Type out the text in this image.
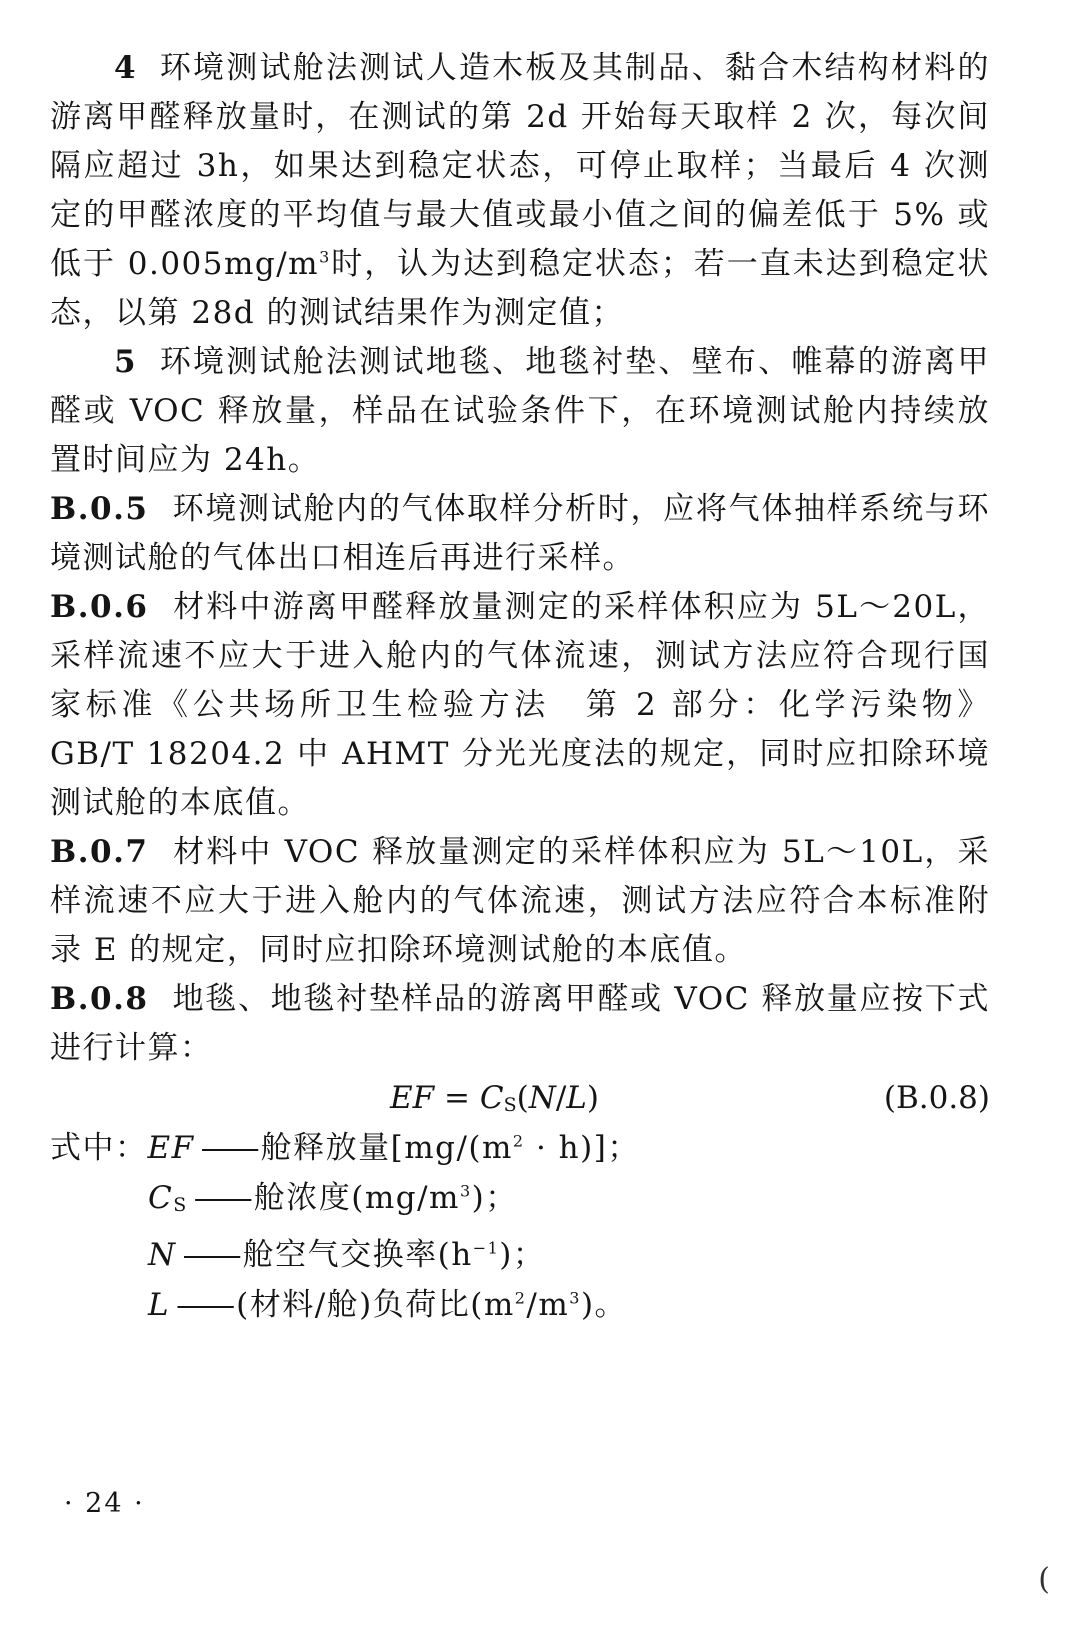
4 环境测试舱法测试人造木板及其制品、黏合木结构材料的游离甲醛释放量时，在测试的第 2d 开始每天取样 2 次，每次间隔应超过 3h，如果达到稳定状态，可停止取样；当最后 4 次测定的甲醛浓度的平均值与最大值或最小值之间的偏差低于 5% 或低于 $0.005mg/m^3$时，认为达到稳定状态；若一直未达到稳定状态，以第 28d 的测试结果作为测定值；

5 环境测试舱法测试地毯、地毯衬垫、壁布、帷幕的游离甲醛或 VOC 释放量，样品在试验条件下，在环境测试舱内持续放置时间应为 24h。

B.0.5 环境测试舱内的气体取样分析时，应将气体抽样系统与环境测试舱的气体出口相连后再进行采样。

B.0.6 材料中游离甲醛释放量测定的采样体积应为 5L～20L，采样流速不应大于进入舱内的气体流速，测试方法应符合现行国家标准《公共场所卫生检验方法　第 2 部分：化学污染物》GB/T 18204.2 中 AHMT 分光光度法的规定，同时应扣除环境测试舱的本底值。

B.0.7 材料中 VOC 释放量测定的采样体积应为 5L～10L，采样流速不应大于进入舱内的气体流速，测试方法应符合本标准附录 E 的规定，同时应扣除环境测试舱的本底值。

B.0.8 地毯、地毯衬垫样品的游离甲醛或 VOC 释放量应按下式进行计算：

EF = CS(N/L)	(B.0.8)
式中：EF —— 舱释放量$[mg/(m^2 \cdot h)]$；
CS —— 舱浓度$(mg/m^3)$；
N —— 舱空气交换率$(h^{-1})$；
L —— (材料/舱)负荷比$(m^2/m^3)$。
· 24 ·
(
